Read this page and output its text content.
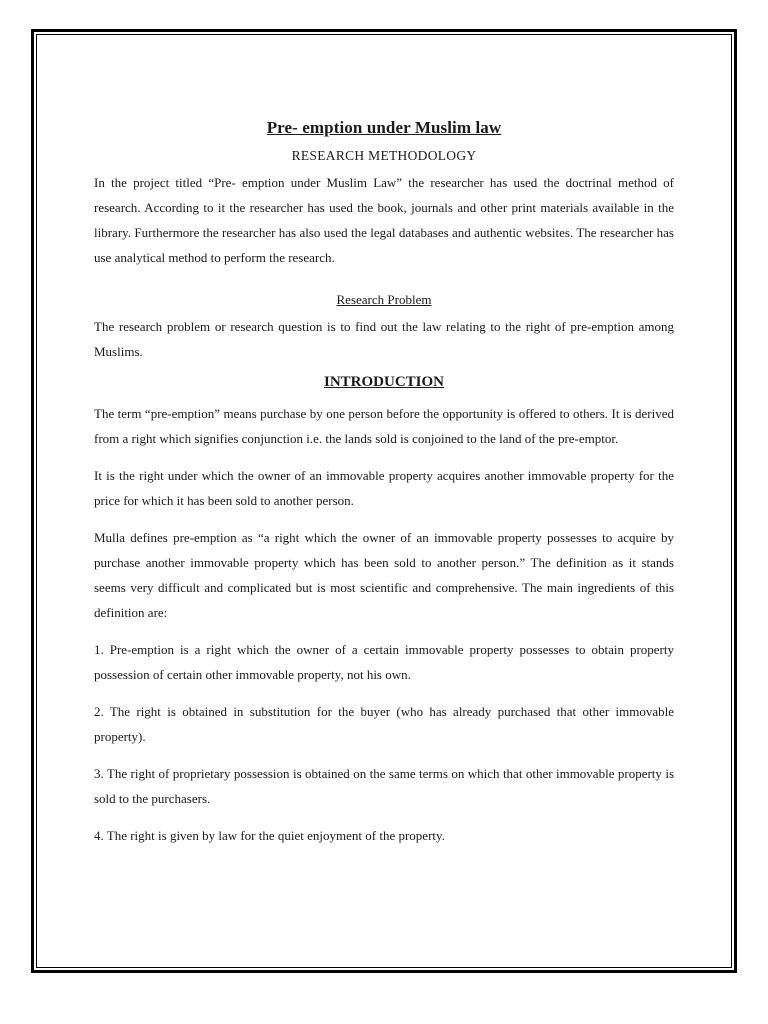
Pre- emption under Muslim law
RESEARCH METHODOLOGY

In the project titled “Pre- emption under Muslim Law” the researcher has used the doctrinal method of research. According to it the researcher has used the book, journals and other print materials available in the library. Furthermore the researcher has also used the legal databases and authentic websites. The researcher has use analytical method to perform the research.

Research Problem

The research problem or research question is to find out the law relating to the right of pre-emption among Muslims.

INTRODUCTION

The term “pre-emption” means purchase by one person before the opportunity is offered to others. It is derived from a right which signifies conjunction i.e. the lands sold is conjoined to the land of the pre-emptor.

It is the right under which the owner of an immovable property acquires another immovable property for the price for which it has been sold to another person.

Mulla defines pre-emption as “a right which the owner of an immovable property possesses to acquire by purchase another immovable property which has been sold to another person.” The definition as it stands seems very difficult and complicated but is most scientific and comprehensive. The main ingredients of this definition are:

1. Pre-emption is a right which the owner of a certain immovable property possesses to obtain property possession of certain other immovable property, not his own.

2. The right is obtained in substitution for the buyer (who has already purchased that other immovable property).

3. The right of proprietary possession is obtained on the same terms on which that other immovable property is sold to the purchasers.

4. The right is given by law for the quiet enjoyment of the property.
